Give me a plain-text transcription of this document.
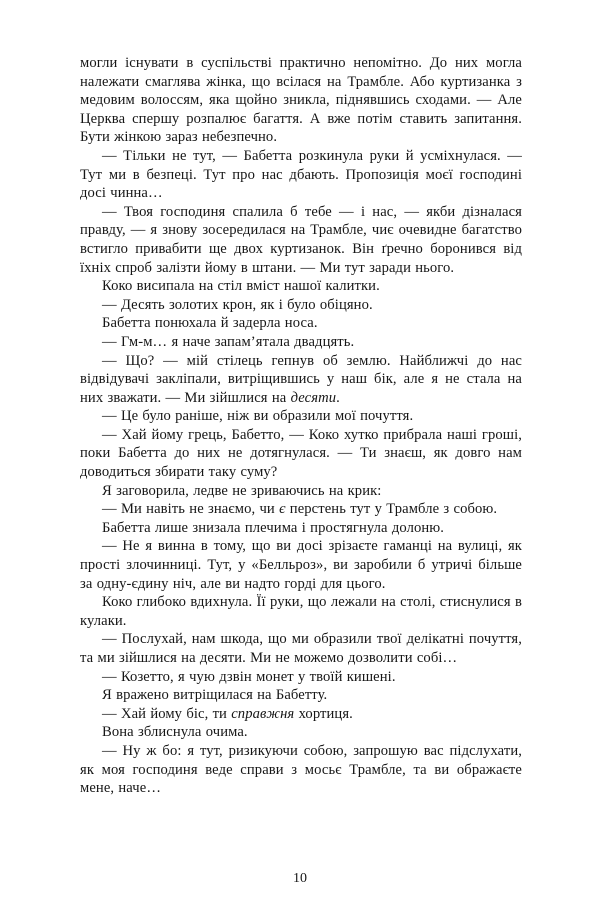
могли існувати в суспільстві практично непомітно. До них могла належати смаглява жінка, що всілася на Трамбле. Або куртизанка з медовим волоссям, яка щойно зникла, піднявшись сходами. — Але Церква спершу розпалює багаття. А вже потім ставить запитання. Бути жінкою зараз небезпечно.

— Тільки не тут, — Бабетта розкинула руки й усміхнулася. — Тут ми в безпеці. Тут про нас дбають. Пропозиція моєї господині досі чинна…

— Твоя господиня спалила б тебе — і нас, — якби дізналася правду, — я знову зосередилася на Трамбле, чиє очевидне багатство встигло привабити ще двох куртизанок. Він ґречно боронився від їхніх спроб залізти йому в штани. — Ми тут заради нього.

Коко висипала на стіл вміст нашої калитки.

— Десять золотих крон, як і було обіцяно.

Бабетта понюхала й задерла носа.

— Гм-м… я наче запам’ятала двадцять.

— Що? — мій стілець гепнув об землю. Найближчі до нас відвідувачі закліпали, витріщившись у наш бік, але я не стала на них зважати. — Ми зійшлися на десяти.

— Це було раніше, ніж ви образили мої почуття.

— Хай йому грець, Бабетто, — Коко хутко прибрала наші гроші, поки Бабетта до них не дотягнулася. — Ти знаєш, як довго нам доводиться збирати таку суму?

Я заговорила, ледве не зриваючись на крик:

— Ми навіть не знаємо, чи є перстень тут у Трамбле з собою.

Бабетта лише знизала плечима і простягнула долоню.

— Не я винна в тому, що ви досі зрізаєте гаманці на вулиці, як прості злочинниці. Тут, у «Белльроз», ви заробили б утричі більше за одну-єдину ніч, але ви надто горді для цього.

Коко глибоко вдихнула. Її руки, що лежали на столі, стиснулися в кулаки.

— Послухай, нам шкода, що ми образили твої делікатні почуття, та ми зійшлися на десяти. Ми не можемо дозволити собі…

— Козетто, я чую дзвін монет у твоїй кишені.

Я вражено витріщилася на Бабетту.

— Хай йому біс, ти справжня хортиця.

Вона зблиснула очима.

— Ну ж бо: я тут, ризикуючи собою, запрошую вас підслухати, як моя господиня веде справи з мосьє Трамбле, та ви ображаєте мене, наче…

10
